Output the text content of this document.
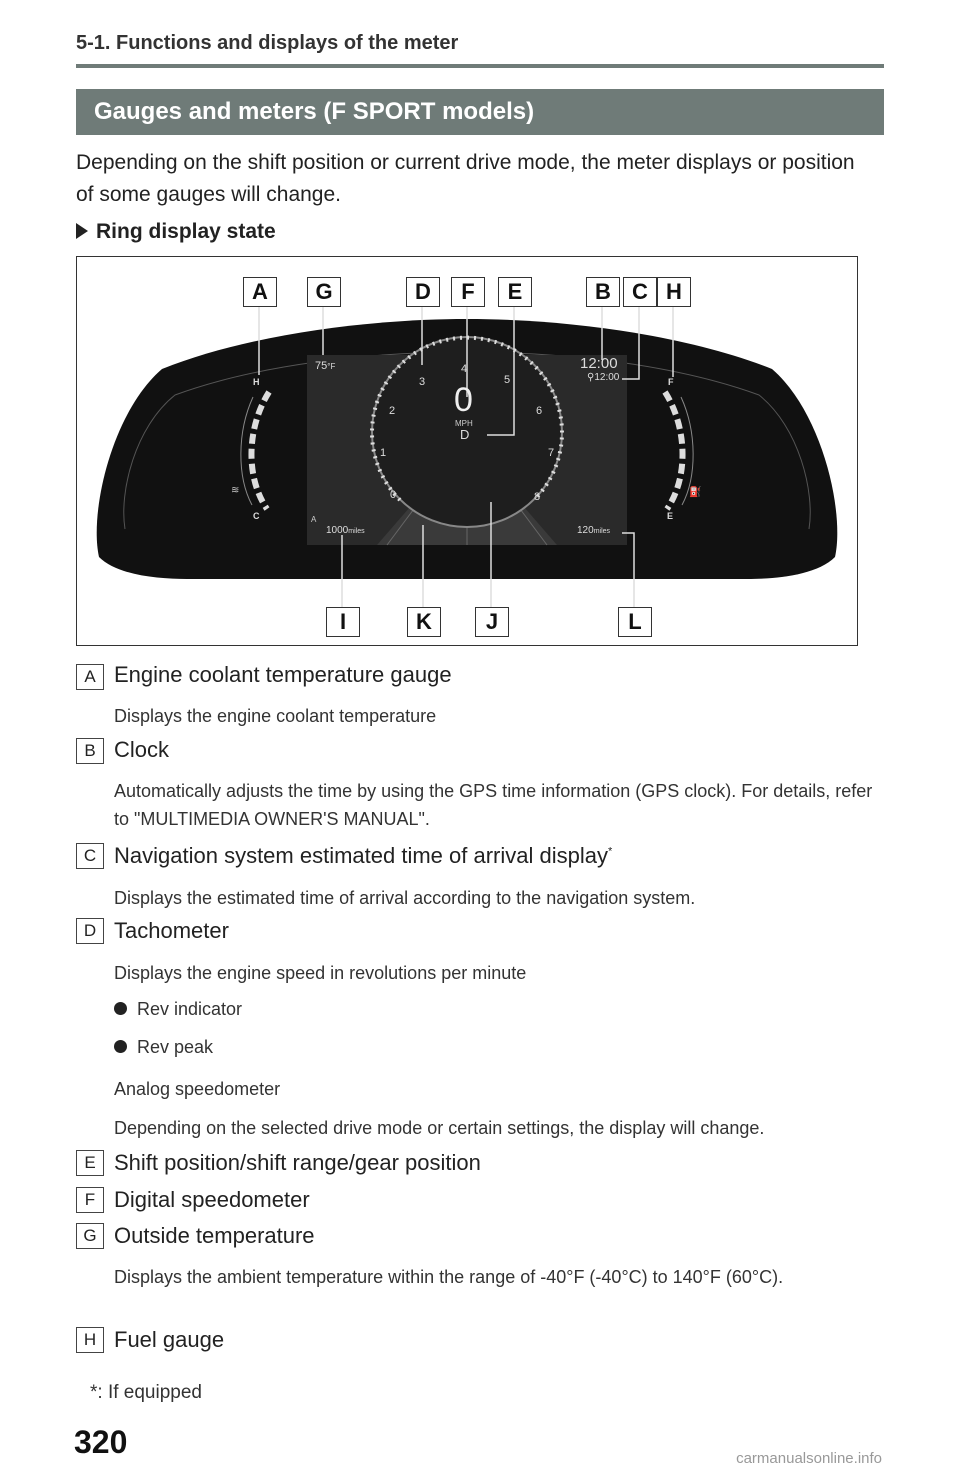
5-1. Functions and displays of the meter
Gauges and meters (F SPORT models)
Depending on the shift position or current drive mode, the meter displays or position of some gauges will change.
Ring display state
75°F	12:00
⚲12:00
0
MPH
D
H
C
F
E
≋	⛽
A
1000miles	120miles
0
1
2
3
4
5
6
7
8
A	G	D	F	E	B C H
I	K	J	L
A Engine coolant temperature gauge
Displays the engine coolant temperature
B Clock
Automatically adjusts the time by using the GPS time information (GPS clock). For details, refer to "MULTIMEDIA OWNER'S MANUAL".
C Navigation system estimated time of arrival display*
Displays the estimated time of arrival according to the navigation system.
D Tachometer
Displays the engine speed in revolutions per minute
Rev indicator
Rev peak
Analog speedometer
Depending on the selected drive mode or certain settings, the display will change.
E Shift position/shift range/gear position
F Digital speedometer
G Outside temperature
Displays the ambient temperature within the range of -40°F (-40°C) to 140°F (60°C).
H Fuel gauge
*: If equipped
320	carmanualsonline.info
